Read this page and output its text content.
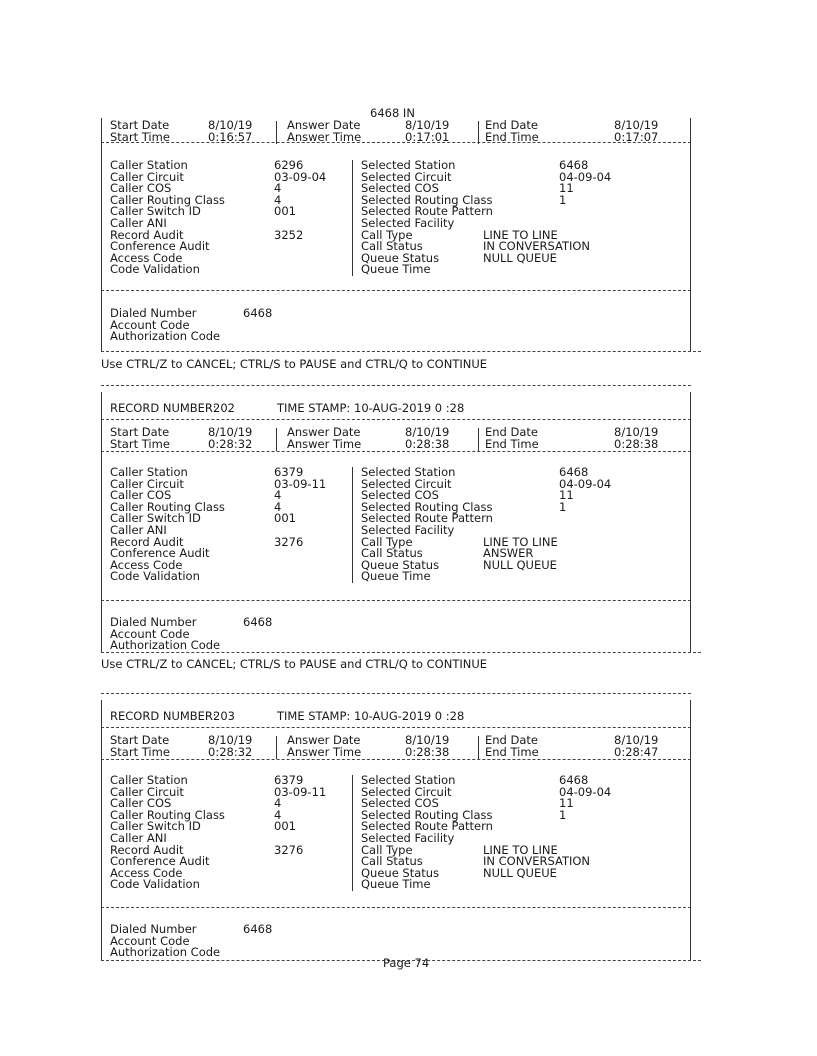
6468 IN
Start Date	8/10/19
Start Time	0:16:57
Answer Date	8/10/19
Answer Time	0:17:01
End Date	8/10/19
End Time	0:17:07
Caller Station	6296
Caller Circuit	03-09-04
Caller COS	4
Caller Routing Class	4
Caller Switch ID	001
Caller ANI
Record Audit	3252
Conference Audit
Access Code
Code Validation
Selected Station	6468
Selected Circuit	04-09-04
Selected COS	11
Selected Routing Class	1
Selected Route Pattern
Selected Facility
Call Type	LINE TO LINE
Call Status	IN CONVERSATION
Queue Status	NULL QUEUE
Queue Time
Dialed Number	6468
Account Code
Authorization Code
RECORD NUMBER:
202	TIME STAMP: 10-AUG-2019 0 :28
Start Date	8/10/19
Start Time	0:28:32
Answer Date	8/10/19
Answer Time	0:28:38
End Date	8/10/19
End Time	0:28:38
Caller Station	6379
Caller Circuit	03-09-11
Caller COS	4
Caller Routing Class	4
Caller Switch ID	001
Caller ANI
Record Audit	3276
Conference Audit
Access Code
Code Validation
Selected Station	6468
Selected Circuit	04-09-04
Selected COS	11
Selected Routing Class	1
Selected Route Pattern
Selected Facility
Call Type	LINE TO LINE
Call Status	ANSWER
Queue Status	NULL QUEUE
Queue Time
Dialed Number	6468
Account Code
Authorization Code
RECORD NUMBER:
203	TIME STAMP: 10-AUG-2019 0 :28
Start Date	8/10/19
Start Time	0:28:32
Answer Date	8/10/19
Answer Time	0:28:38
End Date	8/10/19
End Time	0:28:47
Caller Station	6379
Caller Circuit	03-09-11
Caller COS	4
Caller Routing Class	4
Caller Switch ID	001
Caller ANI
Record Audit	3276
Conference Audit
Access Code
Code Validation
Selected Station	6468
Selected Circuit	04-09-04
Selected COS	11
Selected Routing Class	1
Selected Route Pattern
Selected Facility
Call Type	LINE TO LINE
Call Status	IN CONVERSATION
Queue Status	NULL QUEUE
Queue Time
Dialed Number	6468
Account Code
Authorization Code
Use CTRL/Z to CANCEL; CTRL/S to PAUSE and CTRL/Q to CONTINUE
Use CTRL/Z to CANCEL; CTRL/S to PAUSE and CTRL/Q to CONTINUE
Page 74
